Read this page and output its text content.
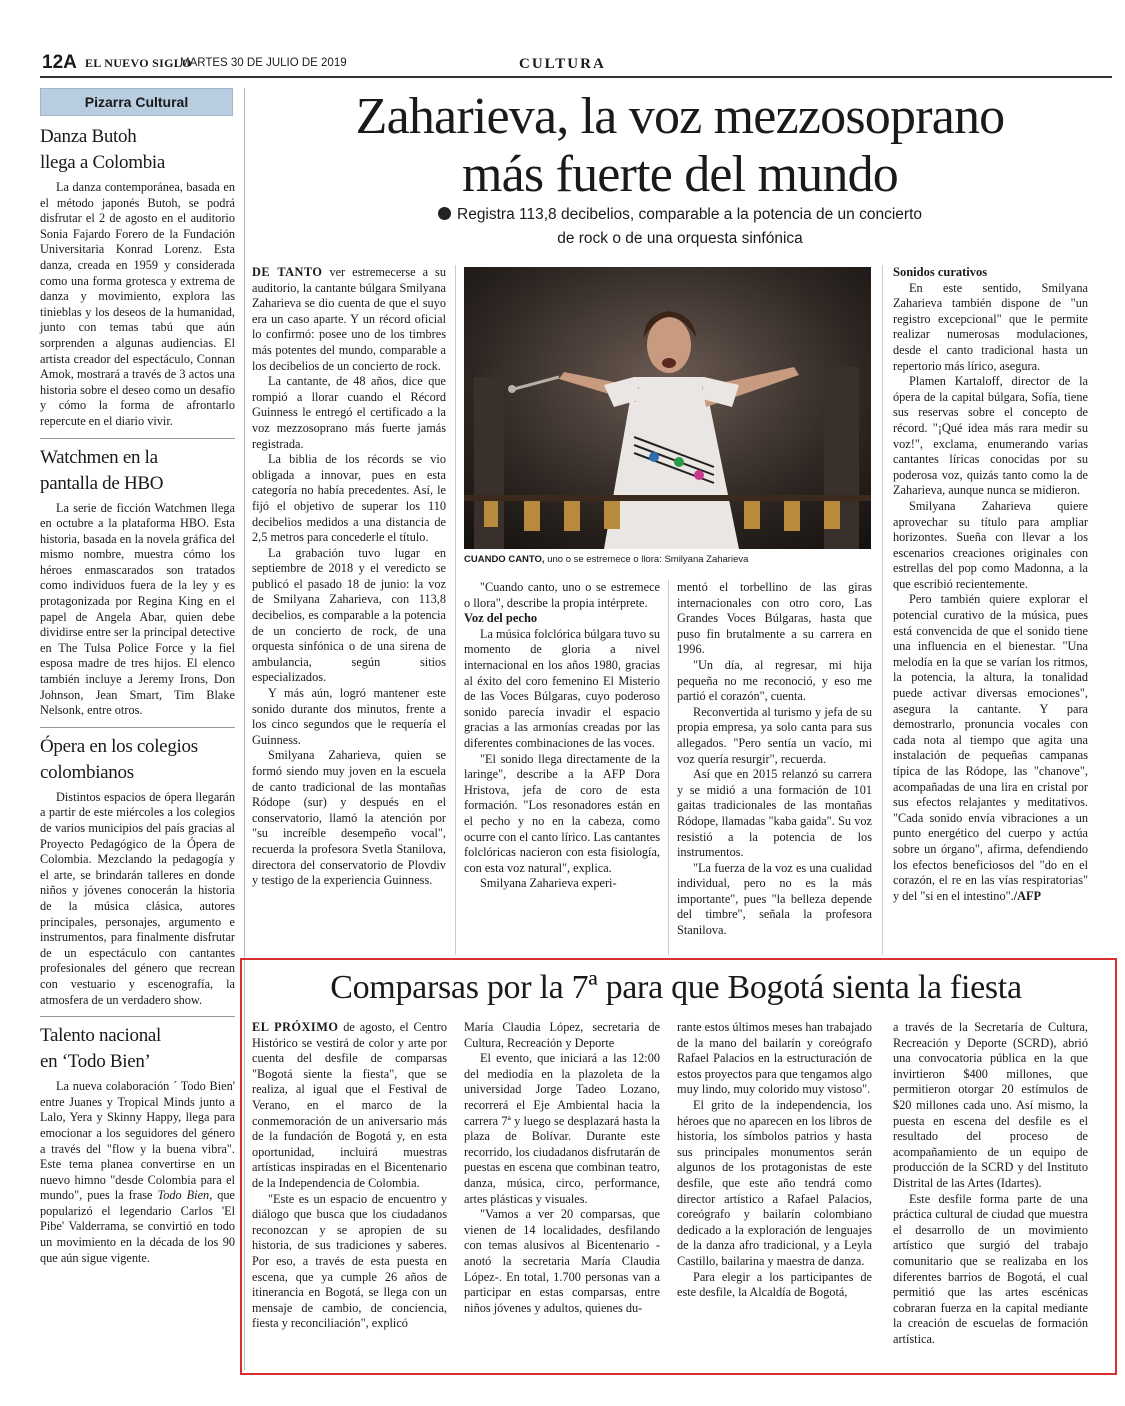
12A EL NUEVO SIGLO
MARTES 30 DE JULIO DE 2019	CULTURA
Pizarra Cultural
Danza Butoh
llega a Colombia

La danza contemporánea, basada en el método japonés Butoh, se podrá disfrutar el 2 de agosto en el auditorio Sonia Fajardo Forero de la Fundación Universitaria Konrad Lorenz. Esta danza, creada en 1959 y considerada como una forma grotesca y extrema de danza y movimiento, explora las tinieblas y los deseos de la humanidad, junto con temas tabú que aún sorprenden a algunas audiencias. El artista creador del espectáculo, Connan Amok, mostrará a través de 3 actos una historia sobre el deseo como un desafío y cómo la forma de afrontarlo repercute en el diario vivir.

Watchmen en la
pantalla de HBO

La serie de ficción Watchmen llega en octubre a la plataforma HBO. Esta historia, basada en la novela gráfica del mismo nombre, muestra cómo los héroes enmascarados son tratados como individuos fuera de la ley y es protagonizada por Regina King en el papel de Angela Abar, quien debe dividirse entre ser la principal detective en The Tulsa Police Force y la fiel esposa madre de tres hijos. El elenco también incluye a Jeremy Irons, Don Johnson, Jean Smart, Tim Blake Nelsonk, entre otros.

Ópera en los colegios
colombianos

Distintos espacios de ópera llegarán a partir de este miércoles a los colegios de varios municipios del país gracias al Proyecto Pedagógico de la Ópera de Colombia. Mezclando la pedagogía y el arte, se brindarán talleres en donde niños y jóvenes conocerán la historia de la música clásica, autores principales, personajes, argumento e instrumentos, para finalmente disfrutar de un espectáculo con cantantes profesionales del género que recrean con vestuario y escenografía, la atmosfera de un verdadero show.

Talento nacional
en ‘Todo Bien’

La nueva colaboración ´ Todo Bien' entre Juanes y Tropical Minds junto a Lalo, Yera y Skinny Happy, llega para emocionar a los seguidores del género a través del "flow y la buena vibra". Este tema planea convertirse en un nuevo himno "desde Colombia para el mundo", pues la frase Todo Bien, que popularizó el legendario Carlos 'El Pibe' Valderrama, se convirtió en todo un movimiento en la década de los 90 que aún sigue vigente.

Zaharieva, la voz mezzosoprano
más fuerte del mundo
Registra 113,8 decibelios, comparable a la potencia de un concierto
de rock o de una orquesta sinfónica

DE TANTO ver estremecerse a su auditorio, la cantante búlgara Smilyana Zaharieva se dio cuenta de que el suyo era un caso aparte. Y un récord oficial lo confirmó: posee uno de los timbres más potentes del mundo, comparable a los decibelios de un concierto de rock.

La cantante, de 48 años, dice que rompió a llorar cuando el Récord Guinness le entregó el certificado a la voz mezzosoprano más fuerte jamás registrada.

La biblia de los récords se vio obligada a innovar, pues en esta categoría no había precedentes. Así, le fijó el objetivo de superar los 110 decibelios medidos a una distancia de 2,5 metros para concederle el título.

La grabación tuvo lugar en septiembre de 2018 y el veredicto se publicó el pasado 18 de junio: la voz de Smilyana Zaharieva, con 113,8 decibelios, es comparable a la potencia de un concierto de rock, de una orquesta sinfónica o de una sirena de ambulancia, según sitios especializados.

Y más aún, logró mantener este sonido durante dos minutos, frente a los cinco segundos que le requería el Guinness.

Smilyana Zaharieva, quien se formó siendo muy joven en la escuela de canto tradicional de las montañas Ródope (sur) y después en el conservatorio, llamó la atención por "su increíble desempeño vocal", recuerda la profesora Svetla Stanilova, directora del conservatorio de Plovdiv y testigo de la experiencia Guinness.

CUANDO CANTO, uno o se estremece o llora: Smilyana Zaharieva

"Cuando canto, uno o se estremece o llora", describe la propia intérprete.

Voz del pecho

La música folclórica búlgara tuvo su momento de gloria a nivel internacional en los años 1980, gracias al éxito del coro femenino El Misterio de las Voces Búlgaras, cuyo poderoso sonido parecía invadir el espacio gracias a las armonías creadas por las diferentes combinaciones de las voces.

"El sonido llega directamente de la laringe", describe a la AFP Dora Hristova, jefa de coro de esta formación. "Los resonadores están en el pecho y no en la cabeza, como ocurre con el canto lírico. Las cantantes folclóricas nacieron con esta fisiología, con esta voz natural", explica.

Smilyana Zaharieva experi-

mentó el torbellino de las giras internacionales con otro coro, Las Grandes Voces Búlgaras, hasta que puso fin brutalmente a su carrera en 1996.

"Un día, al regresar, mi hija pequeña no me reconoció, y eso me partió el corazón", cuenta.

Reconvertida al turismo y jefa de su propia empresa, ya solo canta para sus allegados. "Pero sentía un vacío, mi voz quería resurgir", recuerda.

Así que en 2015 relanzó su carrera y se midió a una formación de 101 gaitas tradicionales de las montañas Ródope, llamadas "kaba gaida". Su voz resistió a la potencia de los instrumentos.

"La fuerza de la voz es una cualidad individual, pero no es la más importante", pues "la belleza depende del timbre", señala la profesora Stanilova.

Sonidos curativos

En este sentido, Smilyana Zaharieva también dispone de "un registro excepcional" que le permite realizar numerosas modulaciones, desde el canto tradicional hasta un repertorio más lírico, asegura.

Plamen Kartaloff, director de la ópera de la capital búlgara, Sofía, tiene sus reservas sobre el concepto de récord. "¡Qué idea más rara medir su voz!", exclama, enumerando varias cantantes líricas conocidas por su poderosa voz, quizás tanto como la de Zaharieva, aunque nunca se midieron.

Smilyana Zaharieva quiere aprovechar su título para ampliar horizontes. Sueña con llevar a los escenarios creaciones originales con estrellas del pop como Madonna, a la que escribió recientemente.

Pero también quiere explorar el potencial curativo de la música, pues está convencida de que el sonido tiene una influencia en el bienestar. "Una melodía en la que se varían los ritmos, la potencia, la altura, la tonalidad puede activar diversas emociones", asegura la cantante. Y para demostrarlo, pronuncia vocales con cada nota al tiempo que agita una instalación de pequeñas campanas típica de las Ródope, las "chanove", acompañadas de una lira en cristal por sus efectos relajantes y meditativos. "Cada sonido envía vibraciones a un punto energético del cuerpo y actúa sobre un órgano", afirma, defendiendo los efectos beneficiosos del "do en el corazón, el re en las vías respiratorias" y del "si en el intestino"./AFP

Comparsas por la 7ª para que Bogotá sienta la fiesta

EL PRÓXIMO de agosto, el Centro Histórico se vestirá de color y arte por cuenta del desfile de comparsas "Bogotá siente la fiesta", que se realiza, al igual que el Festival de Verano, en el marco de la conmemoración de un aniversario más de la fundación de Bogotá y, en esta oportunidad, incluirá muestras artísticas inspiradas en el Bicentenario de la Independencia de Colombia.

"Este es un espacio de encuentro y diálogo que busca que los ciudadanos reconozcan y se apropien de su historia, de sus tradiciones y saberes. Por eso, a través de esta puesta en escena, que ya cumple 26 años de itinerancia en Bogotá, se llega con un mensaje de cambio, de conciencia, fiesta y reconciliación", explicó

María Claudia López, secretaria de Cultura, Recreación y Deporte

El evento, que iniciará a las 12:00 del mediodía en la plazoleta de la universidad Jorge Tadeo Lozano, recorrerá el Eje Ambiental hacia la carrera 7ª y luego se desplazará hasta la plaza de Bolívar. Durante este recorrido, los ciudadanos disfrutarán de puestas en escena que combinan teatro, danza, música, circo, performance, artes plásticas y visuales.

"Vamos a ver 20 comparsas, que vienen de 14 localidades, desfilando con temas alusivos al Bicentenario -anotó la secretaria María Claudia López-. En total, 1.700 personas van a participar en estas comparsas, entre niños jóvenes y adultos, quienes du-

rante estos últimos meses han trabajado de la mano del bailarín y coreógrafo Rafael Palacios en la estructuración de estos proyectos para que tengamos algo muy lindo, muy colorido muy vistoso".

El grito de la independencia, los héroes que no aparecen en los libros de historia, los símbolos patrios y hasta sus principales monumentos serán algunos de los protagonistas de este desfile, que este año tendrá como director artístico a Rafael Palacios, coreógrafo y bailarín colombiano dedicado a la exploración de lenguajes de la danza afro tradicional, y a Leyla Castillo, bailarina y maestra de danza.

Para elegir a los participantes de este desfile, la Alcaldía de Bogotá,

a través de la Secretaría de Cultura, Recreación y Deporte (SCRD), abrió una convocatoria pública en la que invirtieron $400 millones, que permitieron otorgar 20 estímulos de $20 millones cada uno. Así mismo, la puesta en escena del desfile es el resultado del proceso de acompañamiento de un equipo de producción de la SCRD y del Instituto Distrital de las Artes (Idartes).

Este desfile forma parte de una práctica cultural de ciudad que muestra el desarrollo de un movimiento artístico que surgió del trabajo comunitario que se realizaba en los diferentes barrios de Bogotá, el cual permitió que las artes escénicas cobraran fuerza en la capital mediante la creación de escuelas de formación artística.
